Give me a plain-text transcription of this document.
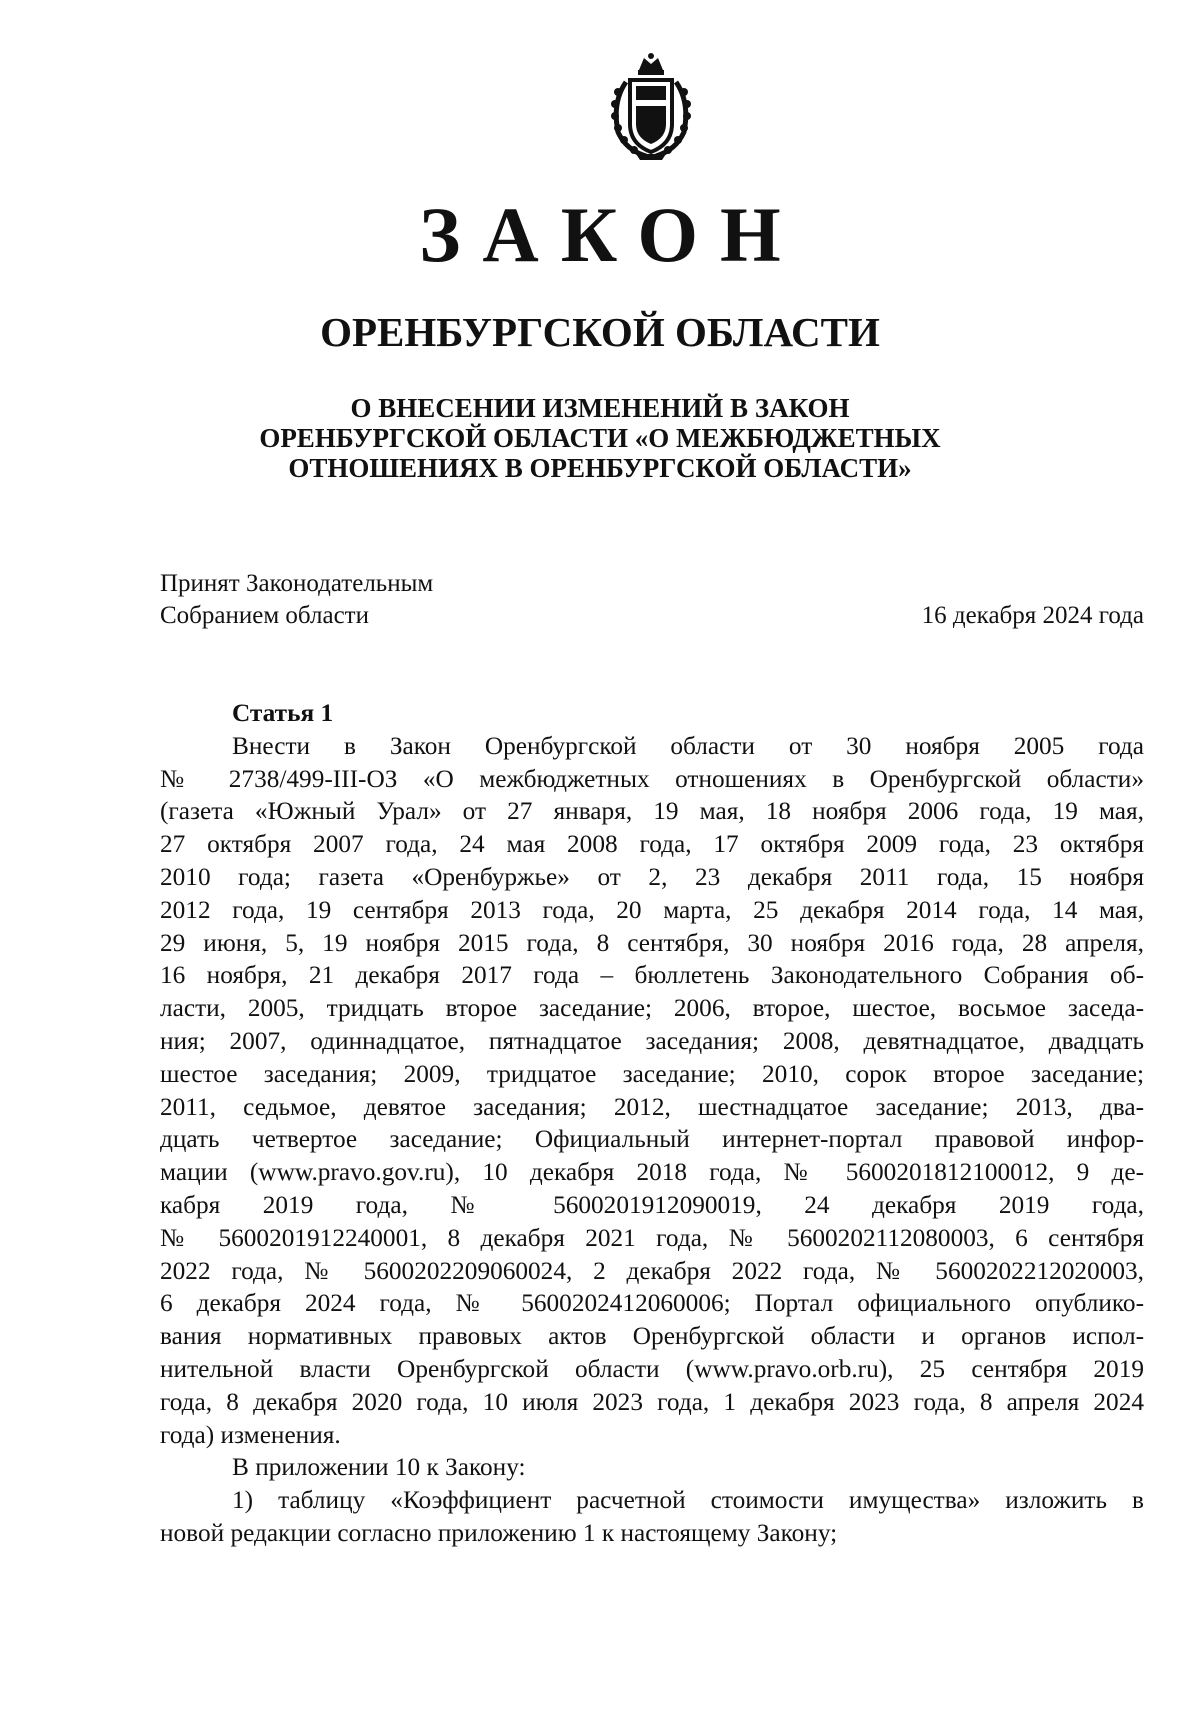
ЗАКОН
ОРЕНБУРГСКОЙ ОБЛАСТИ
О ВНЕСЕНИИ ИЗМЕНЕНИЙ В ЗАКОН
ОРЕНБУРГСКОЙ ОБЛАСТИ «О МЕЖБЮДЖЕТНЫХ
ОТНОШЕНИЯХ В ОРЕНБУРГСКОЙ ОБЛАСТИ»
Принят Законодательным
Собранием области	16 декабря 2024 года
Статья 1
Внести в Закон Оренбургской области от 30 ноября 2005 года
№ 2738/499-III-ОЗ «О межбюджетных отношениях в Оренбургской области»
(газета «Южный Урал» от 27 января, 19 мая, 18 ноября 2006 года, 19 мая,
27 октября 2007 года, 24 мая 2008 года, 17 октября 2009 года, 23 октября
2010 года; газета «Оренбуржье» от 2, 23 декабря 2011 года, 15 ноября
2012 года, 19 сентября 2013 года, 20 марта, 25 декабря 2014 года, 14 мая,
29 июня, 5, 19 ноября 2015 года, 8 сентября, 30 ноября 2016 года, 28 апреля,
16 ноября, 21 декабря 2017 года – бюллетень Законодательного Собрания об-
ласти, 2005, тридцать второе заседание; 2006, второе, шестое, восьмое заседа-
ния; 2007, одиннадцатое, пятнадцатое заседания; 2008, девятнадцатое, двадцать
шестое заседания; 2009, тридцатое заседание; 2010, сорок второе заседание;
2011, седьмое, девятое заседания; 2012, шестнадцатое заседание; 2013, два-
дцать четвертое заседание; Официальный интернет-портал правовой инфор-
мации (www.pravo.gov.ru), 10 декабря 2018 года, № 5600201812100012, 9 де-
кабря 2019 года, № 5600201912090019, 24 декабря 2019 года,
№ 5600201912240001, 8 декабря 2021 года, № 5600202112080003, 6 сентября
2022 года, № 5600202209060024, 2 декабря 2022 года, № 5600202212020003,
6 декабря 2024 года, № 5600202412060006; Портал официального опублико-
вания нормативных правовых актов Оренбургской области и органов испол-
нительной власти Оренбургской области (www.pravo.orb.ru), 25 сентября 2019
года, 8 декабря 2020 года, 10 июля 2023 года, 1 декабря 2023 года, 8 апреля 2024
года) изменения.
В приложении 10 к Закону:
1) таблицу «Коэффициент расчетной стоимости имущества» изложить в
новой редакции согласно приложению 1 к настоящему Закону;
